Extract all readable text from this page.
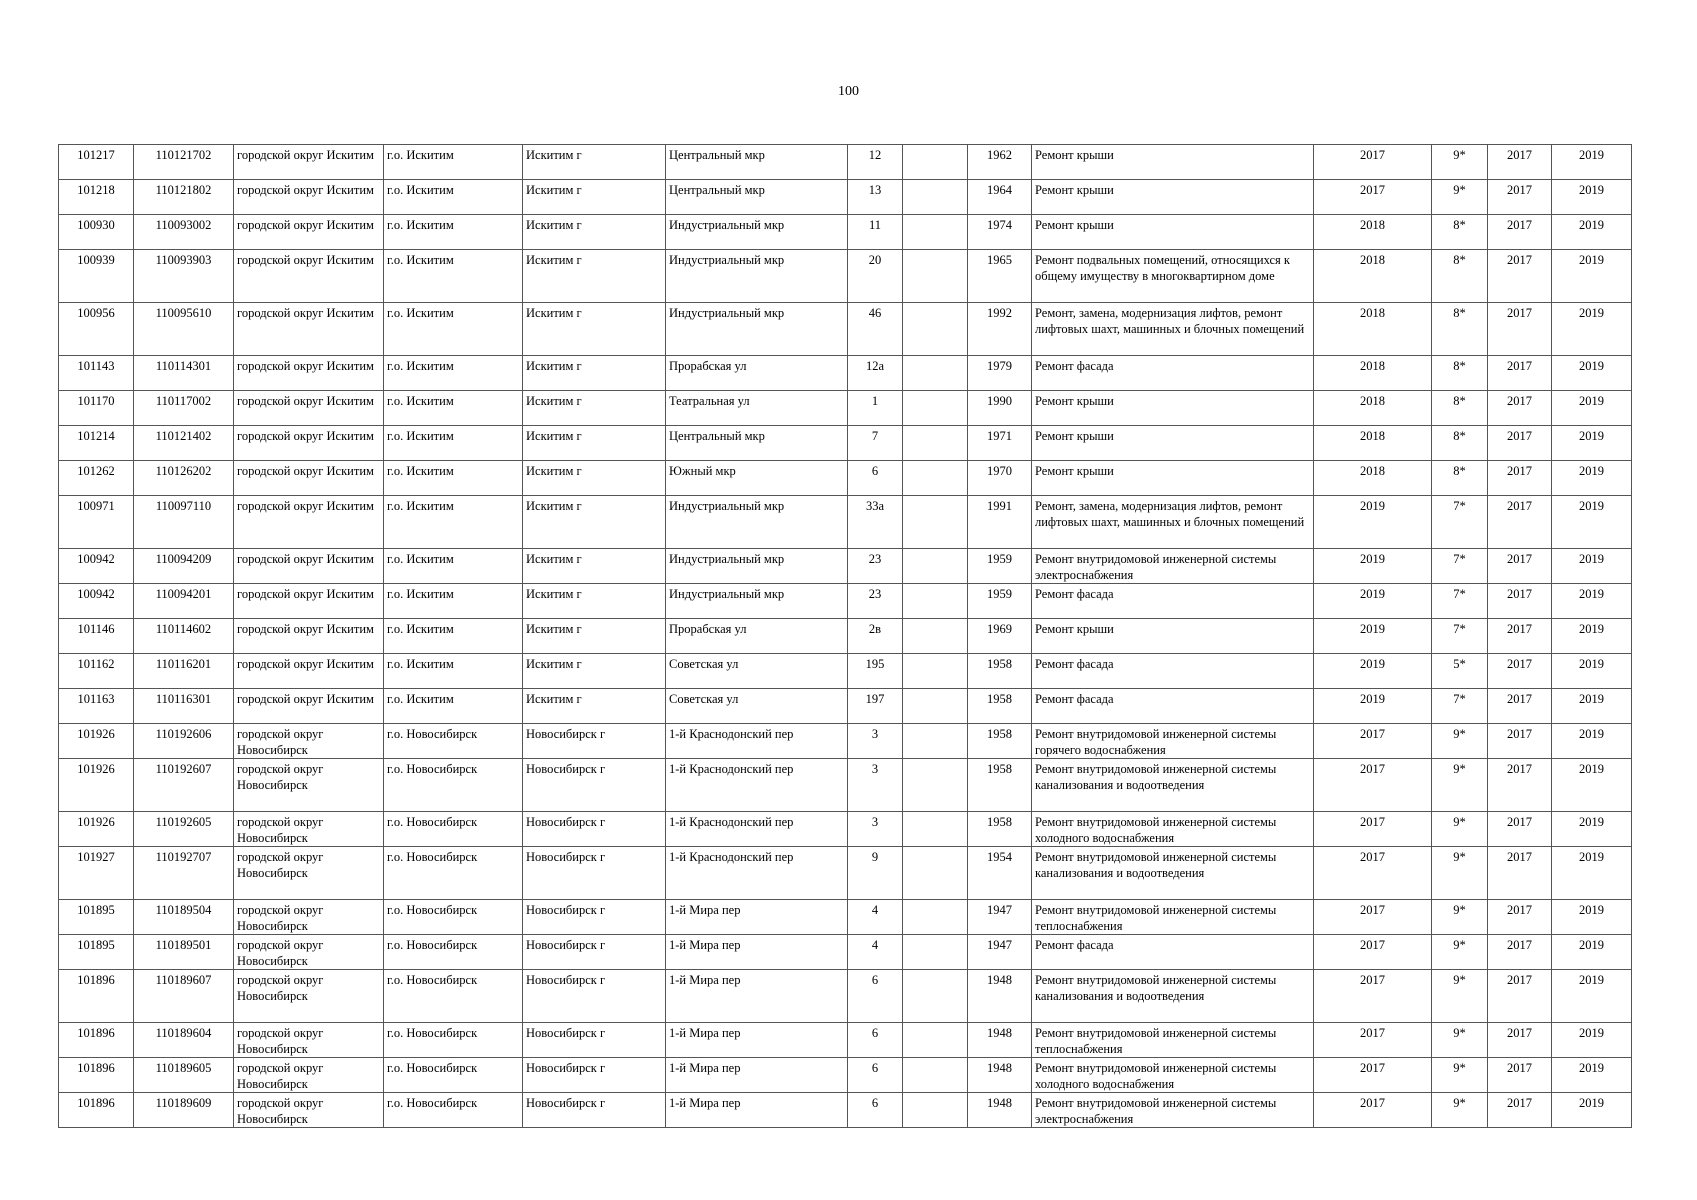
100
101217	110121702	городской округ Искитим	г.о. Искитим	Искитим г	Центральный мкр	12		1962	Ремонт крыши	2017	9*	2017	2019
101218	110121802	городской округ Искитим	г.о. Искитим	Искитим г	Центральный мкр	13		1964	Ремонт крыши	2017	9*	2017	2019
100930	110093002	городской округ Искитим	г.о. Искитим	Искитим г	Индустриальный мкр	11		1974	Ремонт крыши	2018	8*	2017	2019
100939	110093903	городской округ Искитим	г.о. Искитим	Искитим г	Индустриальный мкр	20		1965	Ремонт подвальных помещений, относящихся к общему имуществу в многоквартирном доме	2018	8*	2017	2019
100956	110095610	городской округ Искитим	г.о. Искитим	Искитим г	Индустриальный мкр	46		1992	Ремонт, замена, модернизация лифтов, ремонт лифтовых шахт, машинных и блочных помещений	2018	8*	2017	2019
101143	110114301	городской округ Искитим	г.о. Искитим	Искитим г	Прорабская ул	12а		1979	Ремонт фасада	2018	8*	2017	2019
101170	110117002	городской округ Искитим	г.о. Искитим	Искитим г	Театральная ул	1		1990	Ремонт крыши	2018	8*	2017	2019
101214	110121402	городской округ Искитим	г.о. Искитим	Искитим г	Центральный мкр	7		1971	Ремонт крыши	2018	8*	2017	2019
101262	110126202	городской округ Искитим	г.о. Искитим	Искитим г	Южный мкр	6		1970	Ремонт крыши	2018	8*	2017	2019
100971	110097110	городской округ Искитим	г.о. Искитим	Искитим г	Индустриальный мкр	33а		1991	Ремонт, замена, модернизация лифтов, ремонт лифтовых шахт, машинных и блочных помещений	2019	7*	2017	2019
100942	110094209	городской округ Искитим	г.о. Искитим	Искитим г	Индустриальный мкр	23		1959	Ремонт внутридомовой инженерной системы электроснабжения	2019	7*	2017	2019
100942	110094201	городской округ Искитим	г.о. Искитим	Искитим г	Индустриальный мкр	23		1959	Ремонт фасада	2019	7*	2017	2019
101146	110114602	городской округ Искитим	г.о. Искитим	Искитим г	Прорабская ул	2в		1969	Ремонт крыши	2019	7*	2017	2019
101162	110116201	городской округ Искитим	г.о. Искитим	Искитим г	Советская ул	195		1958	Ремонт фасада	2019	5*	2017	2019
101163	110116301	городской округ Искитим	г.о. Искитим	Искитим г	Советская ул	197		1958	Ремонт фасада	2019	7*	2017	2019
101926	110192606	городской округ Новосибирск	г.о. Новосибирск	Новосибирск г	1-й Краснодонский пер	3		1958	Ремонт внутридомовой инженерной системы горячего водоснабжения	2017	9*	2017	2019
101926	110192607	городской округ Новосибирск	г.о. Новосибирск	Новосибирск г	1-й Краснодонский пер	3		1958	Ремонт внутридомовой инженерной системы канализования и водоотведения	2017	9*	2017	2019
101926	110192605	городской округ Новосибирск	г.о. Новосибирск	Новосибирск г	1-й Краснодонский пер	3		1958	Ремонт внутридомовой инженерной системы холодного водоснабжения	2017	9*	2017	2019
101927	110192707	городской округ Новосибирск	г.о. Новосибирск	Новосибирск г	1-й Краснодонский пер	9		1954	Ремонт внутридомовой инженерной системы канализования и водоотведения	2017	9*	2017	2019
101895	110189504	городской округ Новосибирск	г.о. Новосибирск	Новосибирск г	1-й Мира пер	4		1947	Ремонт внутридомовой инженерной системы теплоснабжения	2017	9*	2017	2019
101895	110189501	городской округ Новосибирск	г.о. Новосибирск	Новосибирск г	1-й Мира пер	4		1947	Ремонт фасада	2017	9*	2017	2019
101896	110189607	городской округ Новосибирск	г.о. Новосибирск	Новосибирск г	1-й Мира пер	6		1948	Ремонт внутридомовой инженерной системы канализования и водоотведения	2017	9*	2017	2019
101896	110189604	городской округ Новосибирск	г.о. Новосибирск	Новосибирск г	1-й Мира пер	6		1948	Ремонт внутридомовой инженерной системы теплоснабжения	2017	9*	2017	2019
101896	110189605	городской округ Новосибирск	г.о. Новосибирск	Новосибирск г	1-й Мира пер	6		1948	Ремонт внутридомовой инженерной системы холодного водоснабжения	2017	9*	2017	2019
101896	110189609	городской округ Новосибирск	г.о. Новосибирск	Новосибирск г	1-й Мира пер	6		1948	Ремонт внутридомовой инженерной системы электроснабжения	2017	9*	2017	2019
